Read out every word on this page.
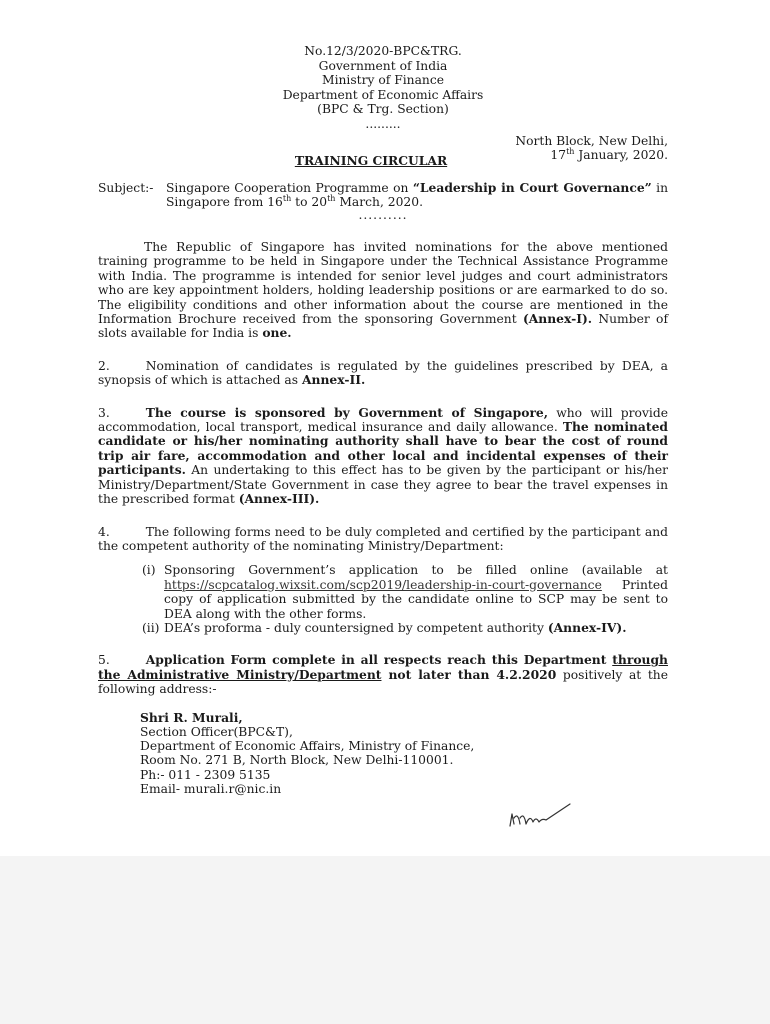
No.12/3/2020-BPC&TRG.
Government of India
Ministry of Finance
Department of Economic Affairs
(BPC & Trg. Section)
.........
North Block, New Delhi,
17th January, 2020.
TRAINING CIRCULAR
Subject:-	Singapore Cooperation Programme on “Leadership in Court Governance” in Singapore from 16th to 20th March, 2020.
..........

The Republic of Singapore has invited nominations for the above mentioned training programme to be held in Singapore under the Technical Assistance Programme with India. The programme is intended for senior level judges and court administrators who are key appointment holders, holding leadership positions or are earmarked to do so. The eligibility conditions and other information about the course are mentioned in the Information Brochure received from the sponsoring Government (Annex-I). Number of slots available for India is one.

2.	Nomination of candidates is regulated by the guidelines prescribed by DEA, a synopsis of which is attached as Annex-II.

3.	The course is sponsored by Government of Singapore, who will provide accommodation, local transport, medical insurance and daily allowance. The nominated candidate or his/her nominating authority shall have to bear the cost of round trip air fare, accommodation and other local and incidental expenses of their participants. An undertaking to this effect has to be given by the participant or his/her Ministry/Department/State Government in case they agree to bear the travel expenses in the prescribed format (Annex-III).

4.	The following forms need to be duly completed and certified by the participant and the competent authority of the nominating Ministry/Department:

(i) Sponsoring Government’s application to be filled online (available at https://scpcatalog.wixsit.com/scp2019/leadership-in-court-governance Printed copy of application submitted by the candidate online to SCP may be sent to DEA along with the other forms.
(ii) DEA’s proforma - duly countersigned by competent authority (Annex-IV).

5.	Application Form complete in all respects reach this Department through the Administrative Ministry/Department not later than 4.2.2020 positively at the following address:-

Shri R. Murali,
Section Officer(BPC&T),
Department of Economic Affairs, Ministry of Finance,
Room No. 271 B, North Block, New Delhi-110001.
Ph:- 011 - 2309 5135
Email- murali.r@nic.in
